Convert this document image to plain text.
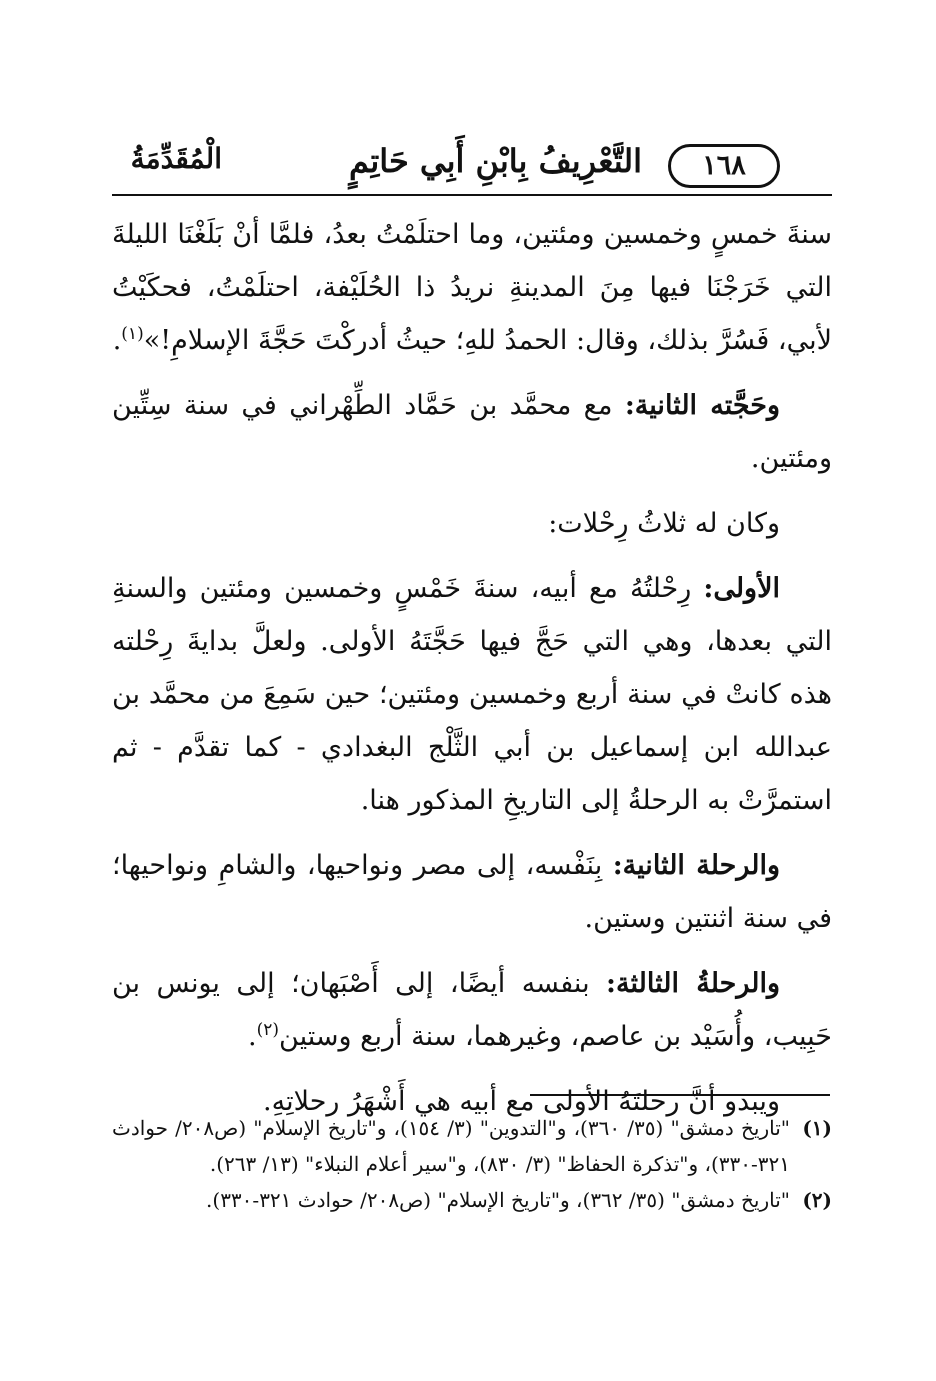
التَّعْرِيفُ بِابْنِ أَبِي حَاتِمٍ	١٦٨
الْمُقَدِّمَةُ

سنةَ خمسٍ وخمسين ومئتين، وما احتلَمْتُ بعدُ، فلمَّا أنْ بَلَغْنَا الليلةَ التي خَرَجْنَا فيها مِنَ المدينةِ نريدُ ذا الحُلَيْفة، احتلَمْتُ، فحكَيْتُ لأبي، فَسُرَّ بذلك، وقال: الحمدُ للهِ؛ حيثُ أدركْتَ حَجَّةَ الإسلامِ!»$^{(١)}$.

وحَجَّته الثانية: مع محمَّد بن حَمَّاد الطِّهْراني في سنة سِتِّين ومئتين.

وكان له ثلاثُ رِحْلات:

الأولى: رِحْلتُهُ مع أبيه، سنةَ خَمْسٍ وخمسين ومئتين والسنةِ التي بعدها، وهي التي حَجَّ فيها حَجَّتَهُ الأولى. ولعلَّ بدايةَ رِحْلته هذه كانتْ في سنة أربع وخمسين ومئتين؛ حين سَمِعَ من محمَّد بن عبدالله ابن إسماعيل بن أبي الثَّلْج البغدادي - كما تقدَّم - ثم استمرَّتْ به الرحلةُ إلى التاريخِ المذكور هنا.

والرحلة الثانية: بِنَفْسه، إلى مصر ونواحيها، والشامِ ونواحيها؛ في سنة اثنتين وستين.

والرحلةُ الثالثة: بنفسه أيضًا، إلى أَصْبَهان؛ إلى يونس بن حَبِيب، وأُسَيْد بن عاصم، وغيرهما، سنة أربع وستين$^{(٢)}$.

ويبدو أنَّ رحلتَهُ الأولى مع أبيه هي أَشْهَرُ رحلاتِهِ.

(١)
"تاريخ دمشق" (٣٥/ ٣٦٠)، و"التدوين" (٣/ ١٥٤)، و"تاريخ الإسلام" (ص٢٠٨/ حوادث ٣٢١-٣٣٠)، و"تذكرة الحفاظ" (٣/ ٨٣٠)، و"سير أعلام النبلاء" (١٣/ ٢٦٣).
(٢)
"تاريخ دمشق" (٣٥/ ٣٦٢)، و"تاريخ الإسلام" (ص٢٠٨/ حوادث ٣٢١-٣٣٠).
